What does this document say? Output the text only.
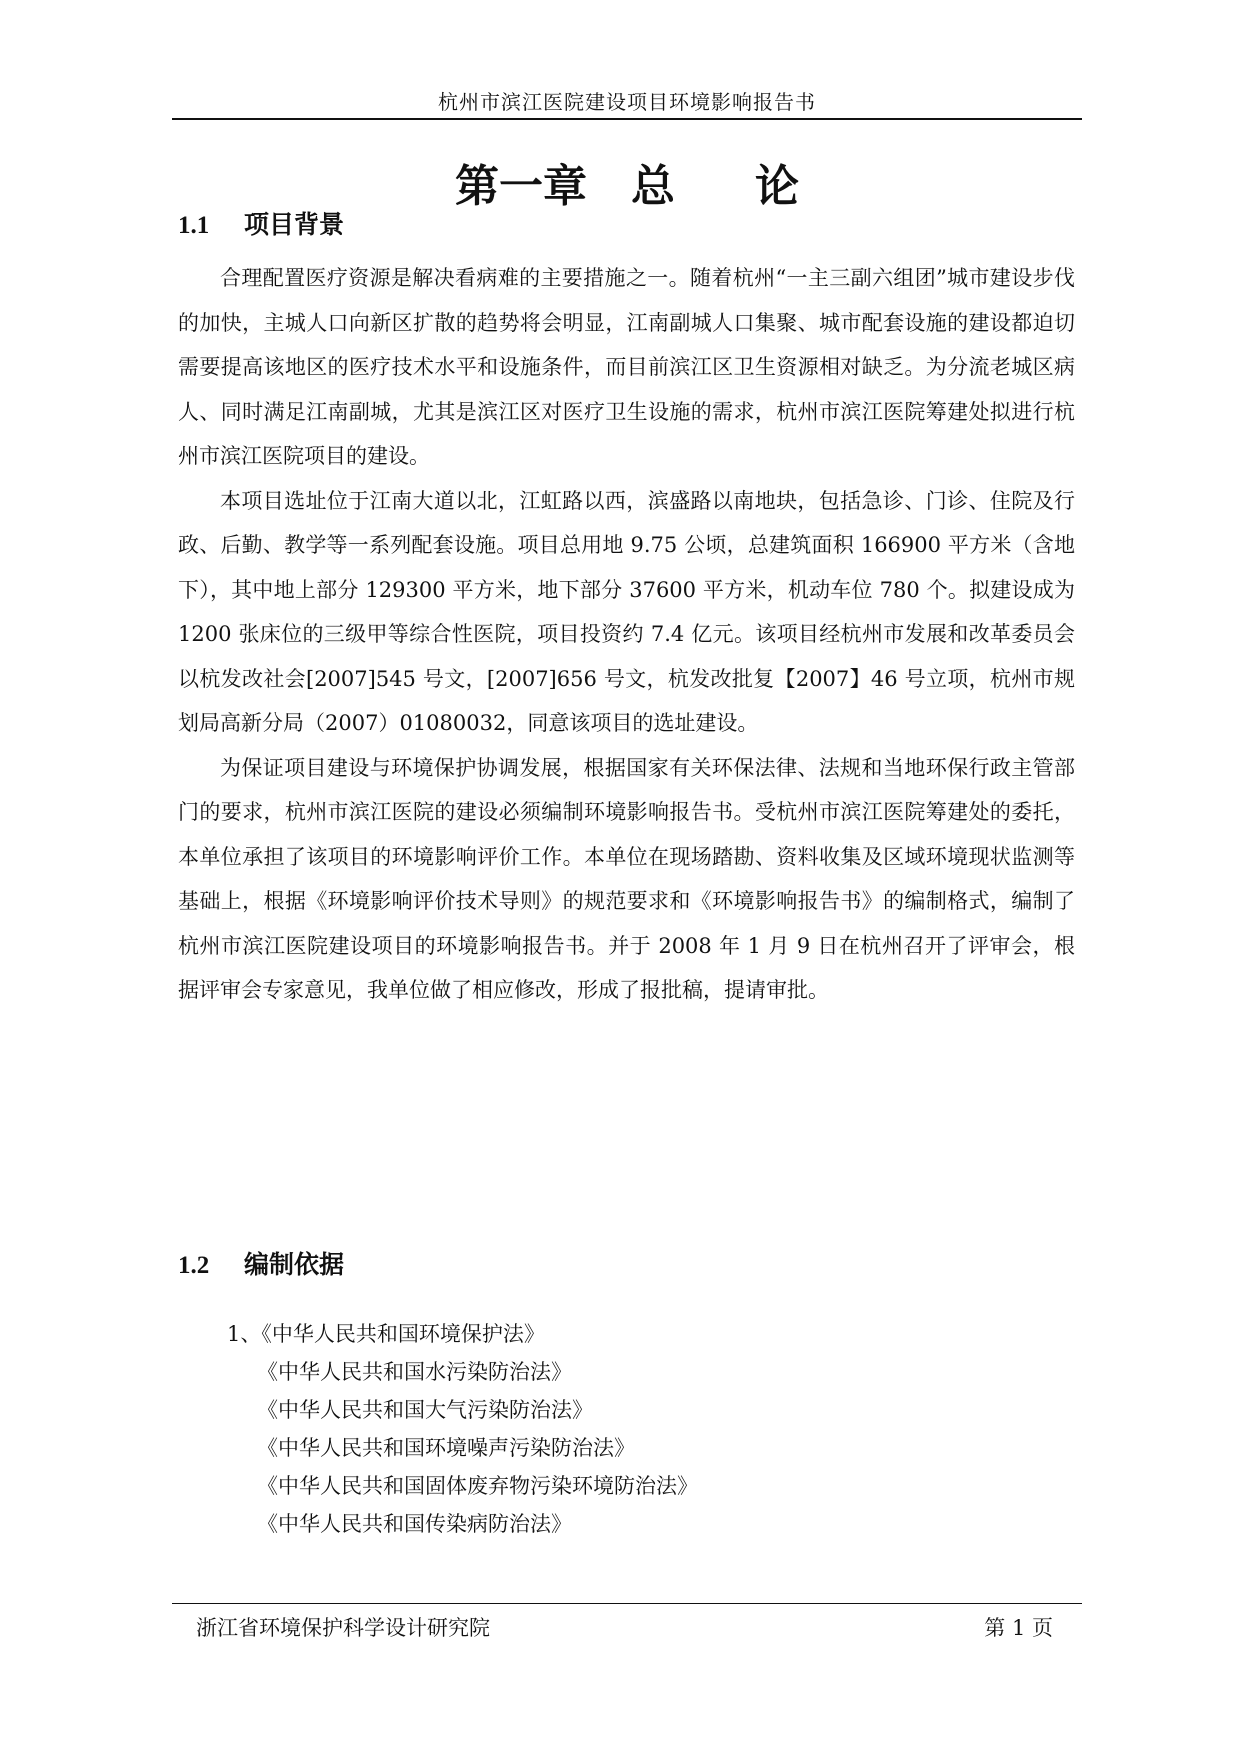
杭州市滨江医院建设项目环境影响报告书
第一章 总 论
1.1 项目背景

合理配置医疗资源是解决看病难的主要措施之一。随着杭州“一主三副六组团”城市建设步伐的加快，主城人口向新区扩散的趋势将会明显，江南副城人口集聚、城市配套设施的建设都迫切需要提高该地区的医疗技术水平和设施条件，而目前滨江区卫生资源相对缺乏。为分流老城区病人、同时满足江南副城，尤其是滨江区对医疗卫生设施的需求，杭州市滨江医院筹建处拟进行杭州市滨江医院项目的建设。

本项目选址位于江南大道以北，江虹路以西，滨盛路以南地块，包括急诊、门诊、住院及行政、后勤、教学等一系列配套设施。项目总用地 9.75 公顷，总建筑面积 166900 平方米（含地下），其中地上部分 129300 平方米，地下部分 37600 平方米，机动车位 780 个。拟建设成为 1200 张床位的三级甲等综合性医院，项目投资约 7.4 亿元。该项目经杭州市发展和改革委员会以杭发改社会[2007]545 号文，[2007]656 号文，杭发改批复【2007】46 号立项，杭州市规划局高新分局（2007）01080032，同意该项目的选址建设。

为保证项目建设与环境保护协调发展，根据国家有关环保法律、法规和当地环保行政主管部门的要求，杭州市滨江医院的建设必须编制环境影响报告书。受杭州市滨江医院筹建处的委托，本单位承担了该项目的环境影响评价工作。本单位在现场踏勘、资料收集及区域环境现状监测等基础上，根据《环境影响评价技术导则》的规范要求和《环境影响报告书》的编制格式，编制了杭州市滨江医院建设项目的环境影响报告书。并于 2008 年 1 月 9 日在杭州召开了评审会，根据评审会专家意见，我单位做了相应修改，形成了报批稿，提请审批。

1.2 编制依据
1、《中华人民共和国环境保护法》
《中华人民共和国水污染防治法》
《中华人民共和国大气污染防治法》
《中华人民共和国环境噪声污染防治法》
《中华人民共和国固体废弃物污染环境防治法》
《中华人民共和国传染病防治法》
浙江省环境保护科学设计研究院	第 1 页
